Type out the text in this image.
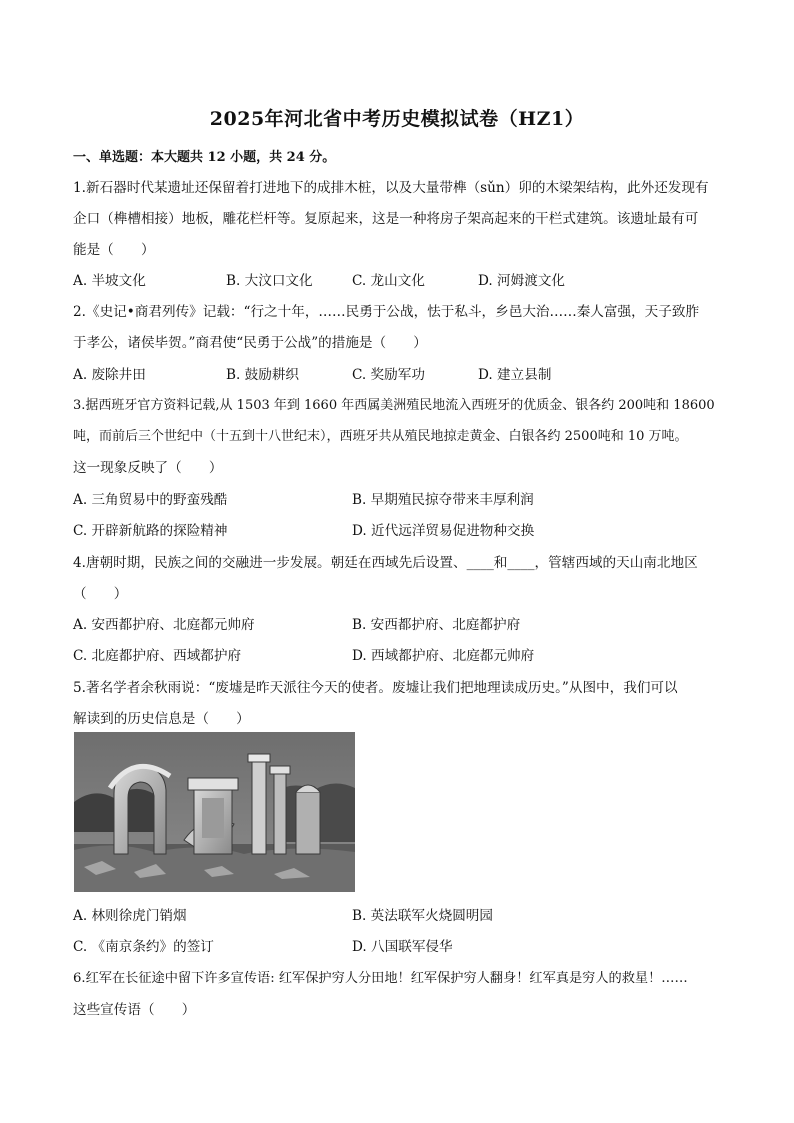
2025年河北省中考历史模拟试卷（HZ1）
一、单选题：本大题共 12 小题，共 24 分。
1.新石器时代某遗址还保留着打进地下的成排木桩，以及大量带榫（sǔn）卯的木梁架结构，此外还发现有
企口（榫槽相接）地板，雕花栏杆等。复原起来，这是一种将房子架高起来的干栏式建筑。该遗址最有可
能是（　　）
A. 半坡文化	B. 大汶口文化	C. 龙山文化	D. 河姆渡文化
2.《史记•商君列传》记载：“行之十年，……民勇于公战，怯于私斗，乡邑大治……秦人富强，天子致胙
于孝公，诸侯毕贺。”商君使“民勇于公战”的措施是（　　）
A. 废除井田	B. 鼓励耕织	C. 奖励军功	D. 建立县制
3.据西班牙官方资料记载,从 1503 年到 1660 年西属美洲殖民地流入西班牙的优质金、银各约 200吨和 18600
吨，而前后三个世纪中（十五到十八世纪末），西班牙共从殖民地掠走黄金、白银各约 2500吨和 10 万吨。
这一现象反映了（　　）
A. 三角贸易中的野蛮残酷	B. 早期殖民掠夺带来丰厚利润
C. 开辟新航路的探险精神	D. 近代远洋贸易促进物种交换
4.唐朝时期，民族之间的交融进一步发展。朝廷在西域先后设置、____和____，管辖西域的天山南北地区
（　　）
A. 安西都护府、北庭都元帅府	B. 安西都护府、北庭都护府
C. 北庭都护府、西域都护府	D. 西域都护府、北庭都元帅府
5.著名学者余秋雨说：“废墟是昨天派往今天的使者。废墟让我们把地理读成历史。”从图中，我们可以
解读到的历史信息是（　　）
A. 林则徐虎门销烟	B. 英法联军火烧圆明园
C. 《南京条约》的签订	D. 八国联军侵华
6.红军在长征途中留下许多宣传语: 红军保护穷人分田地！红军保护穷人翻身！红军真是穷人的救星！……
这些宣传语（　　）
